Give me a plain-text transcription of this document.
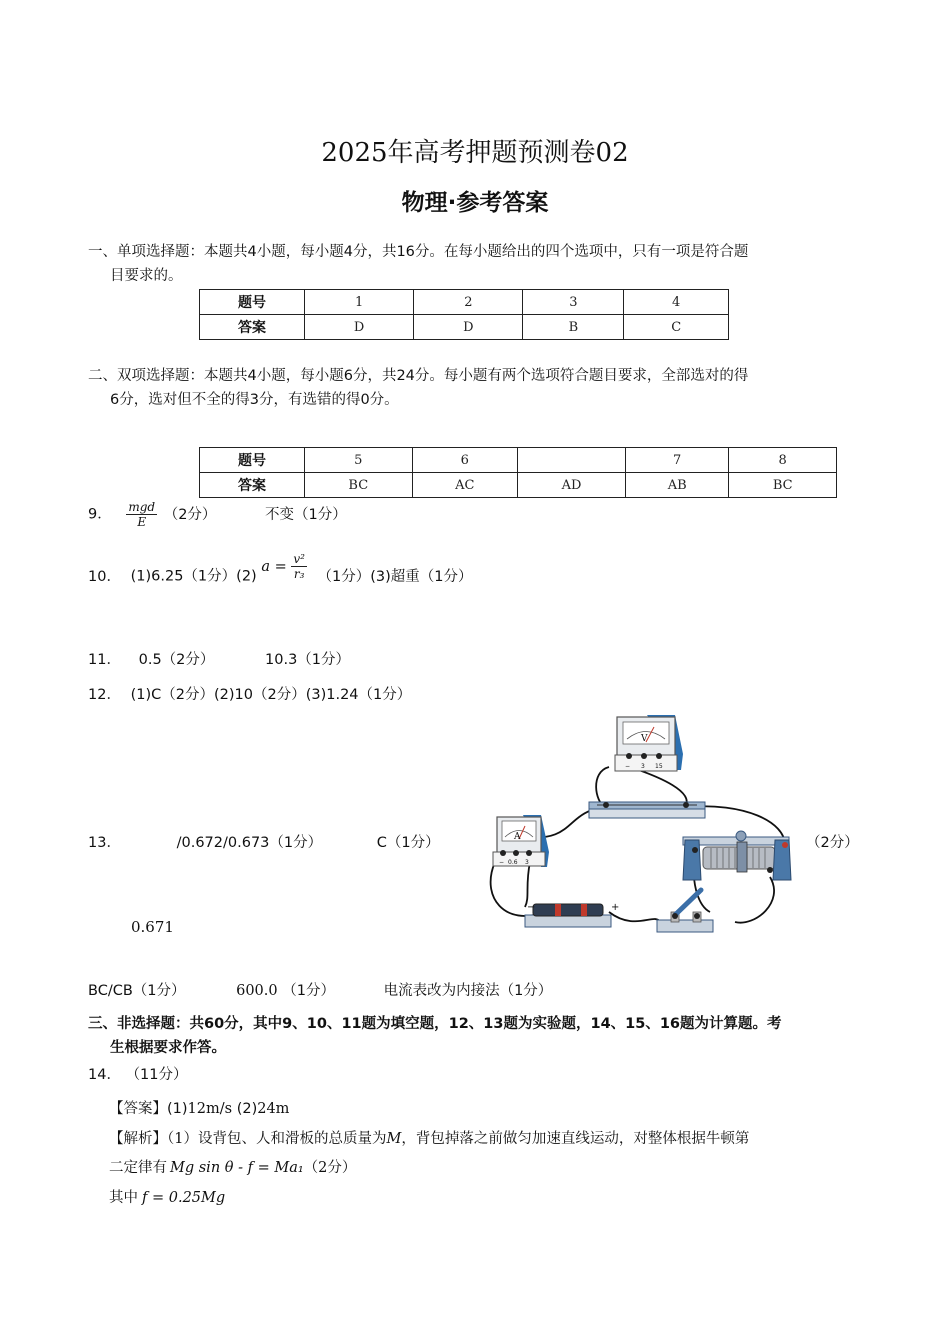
2025年高考押题预测卷02
物理·参考答案
一、单项选择题：本题共4小题，每小题4分，共16分。在每小题给出的四个选项中，只有一项是符合题
目要求的。
题号	1	2	3	4
答案	D	D	B	C
二、双项选择题：本题共4小题，每小题6分，共24分。每小题有两个选项符合题目要求，全部选对的得
6分，选对但不全的得3分，有选错的得0分。
题号	5	6		7	8
答案	BC	AC	AD	AB	BC
9． $\frac{\text{mgd}}{E} (2$分）	不变（1分）
10． (1)6.25（1分）(2) $a = \frac{\text{v²}}{\text{r₃}} (1$分）(3)超重（1分）
11． 0.5（2分）	10.3（1分）
12． (1)C（2分）(2)10（2分）(3)1.24（1分）
13．	/0.672/0.673（1分）	C（1分）	（2分）
0.671
V
− 3 15
A
− 0.6 3
−	+
BC/CB（1分）	600.0 （1分）	电流表改为内接法（1分）
三、非选择题：共60分，其中9、10、11题为填空题，12、13题为实验题，14、15、16题为计算题。考
生根据要求作答。
14． （11分）
【答案】(1)12m/s (2)24m
【解析】（1）设背包、人和滑板的总质量为M，背包掉落之前做匀加速直线运动，对整体根据牛顿第
二定律有 Mg sin θ - f = Ma₁（2分）
其中 f = 0.25Mg
